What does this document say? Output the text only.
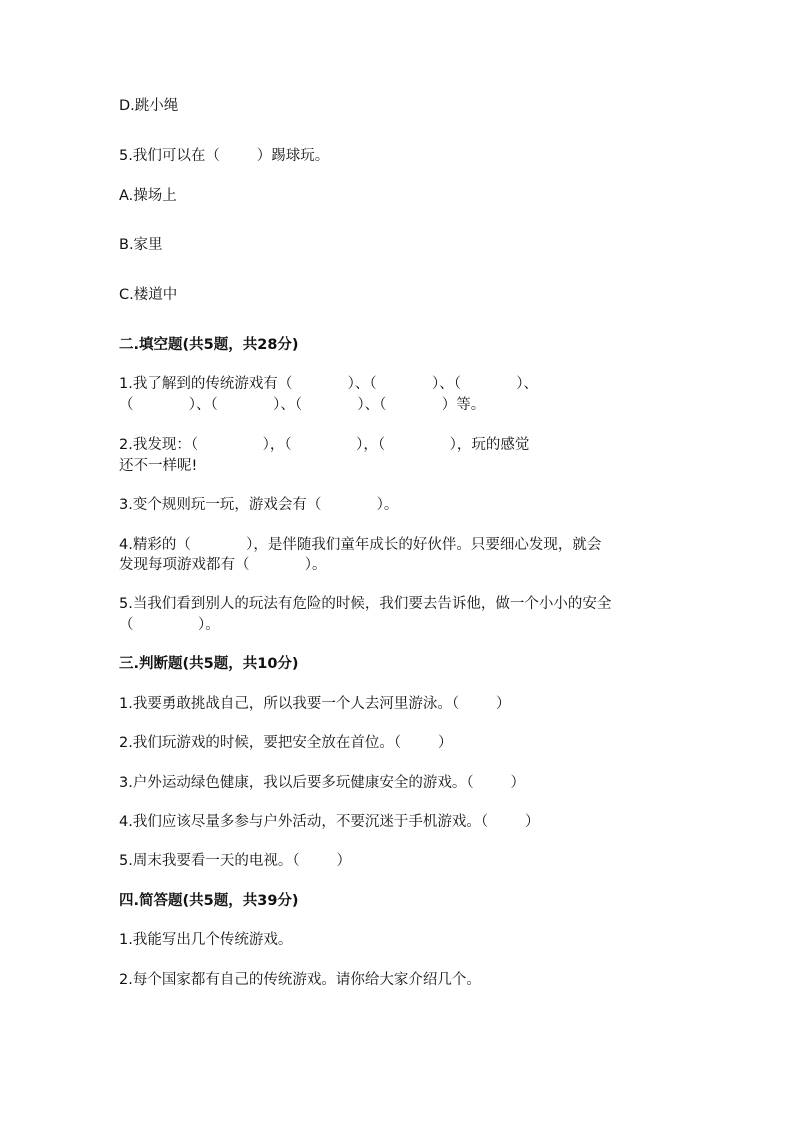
D.跳小绳
5.我们可以在（        ）踢球玩。
A.操场上
B.家里
C.楼道中
二.填空题(共5题，共28分)
1.我了解到的传统游戏有（            ）、（            ）、（            ）、
（            ）、（            ）、（            ）、（            ）等。
2.我发现：（              ），（              ），（              ），玩的感觉
还不一样呢!
3.变个规则玩一玩，游戏会有（            ）。
4.精彩的（            ），是伴随我们童年成长的好伙伴。只要细心发现，就会
发现每项游戏都有（            ）。
5.当我们看到别人的玩法有危险的时候，我们要去告诉他，做一个小小的安全
（              ）。
三.判断题(共5题，共10分)
1.我要勇敢挑战自己，所以我要一个人去河里游泳。（        ）
2.我们玩游戏的时候，要把安全放在首位。（        ）
3.户外运动绿色健康，我以后要多玩健康安全的游戏。（        ）
4.我们应该尽量多参与户外活动，不要沉迷于手机游戏。（        ）
5.周末我要看一天的电视。（        ）
四.简答题(共5题，共39分)
1.我能写出几个传统游戏。
2.每个国家都有自己的传统游戏。请你给大家介绍几个。
